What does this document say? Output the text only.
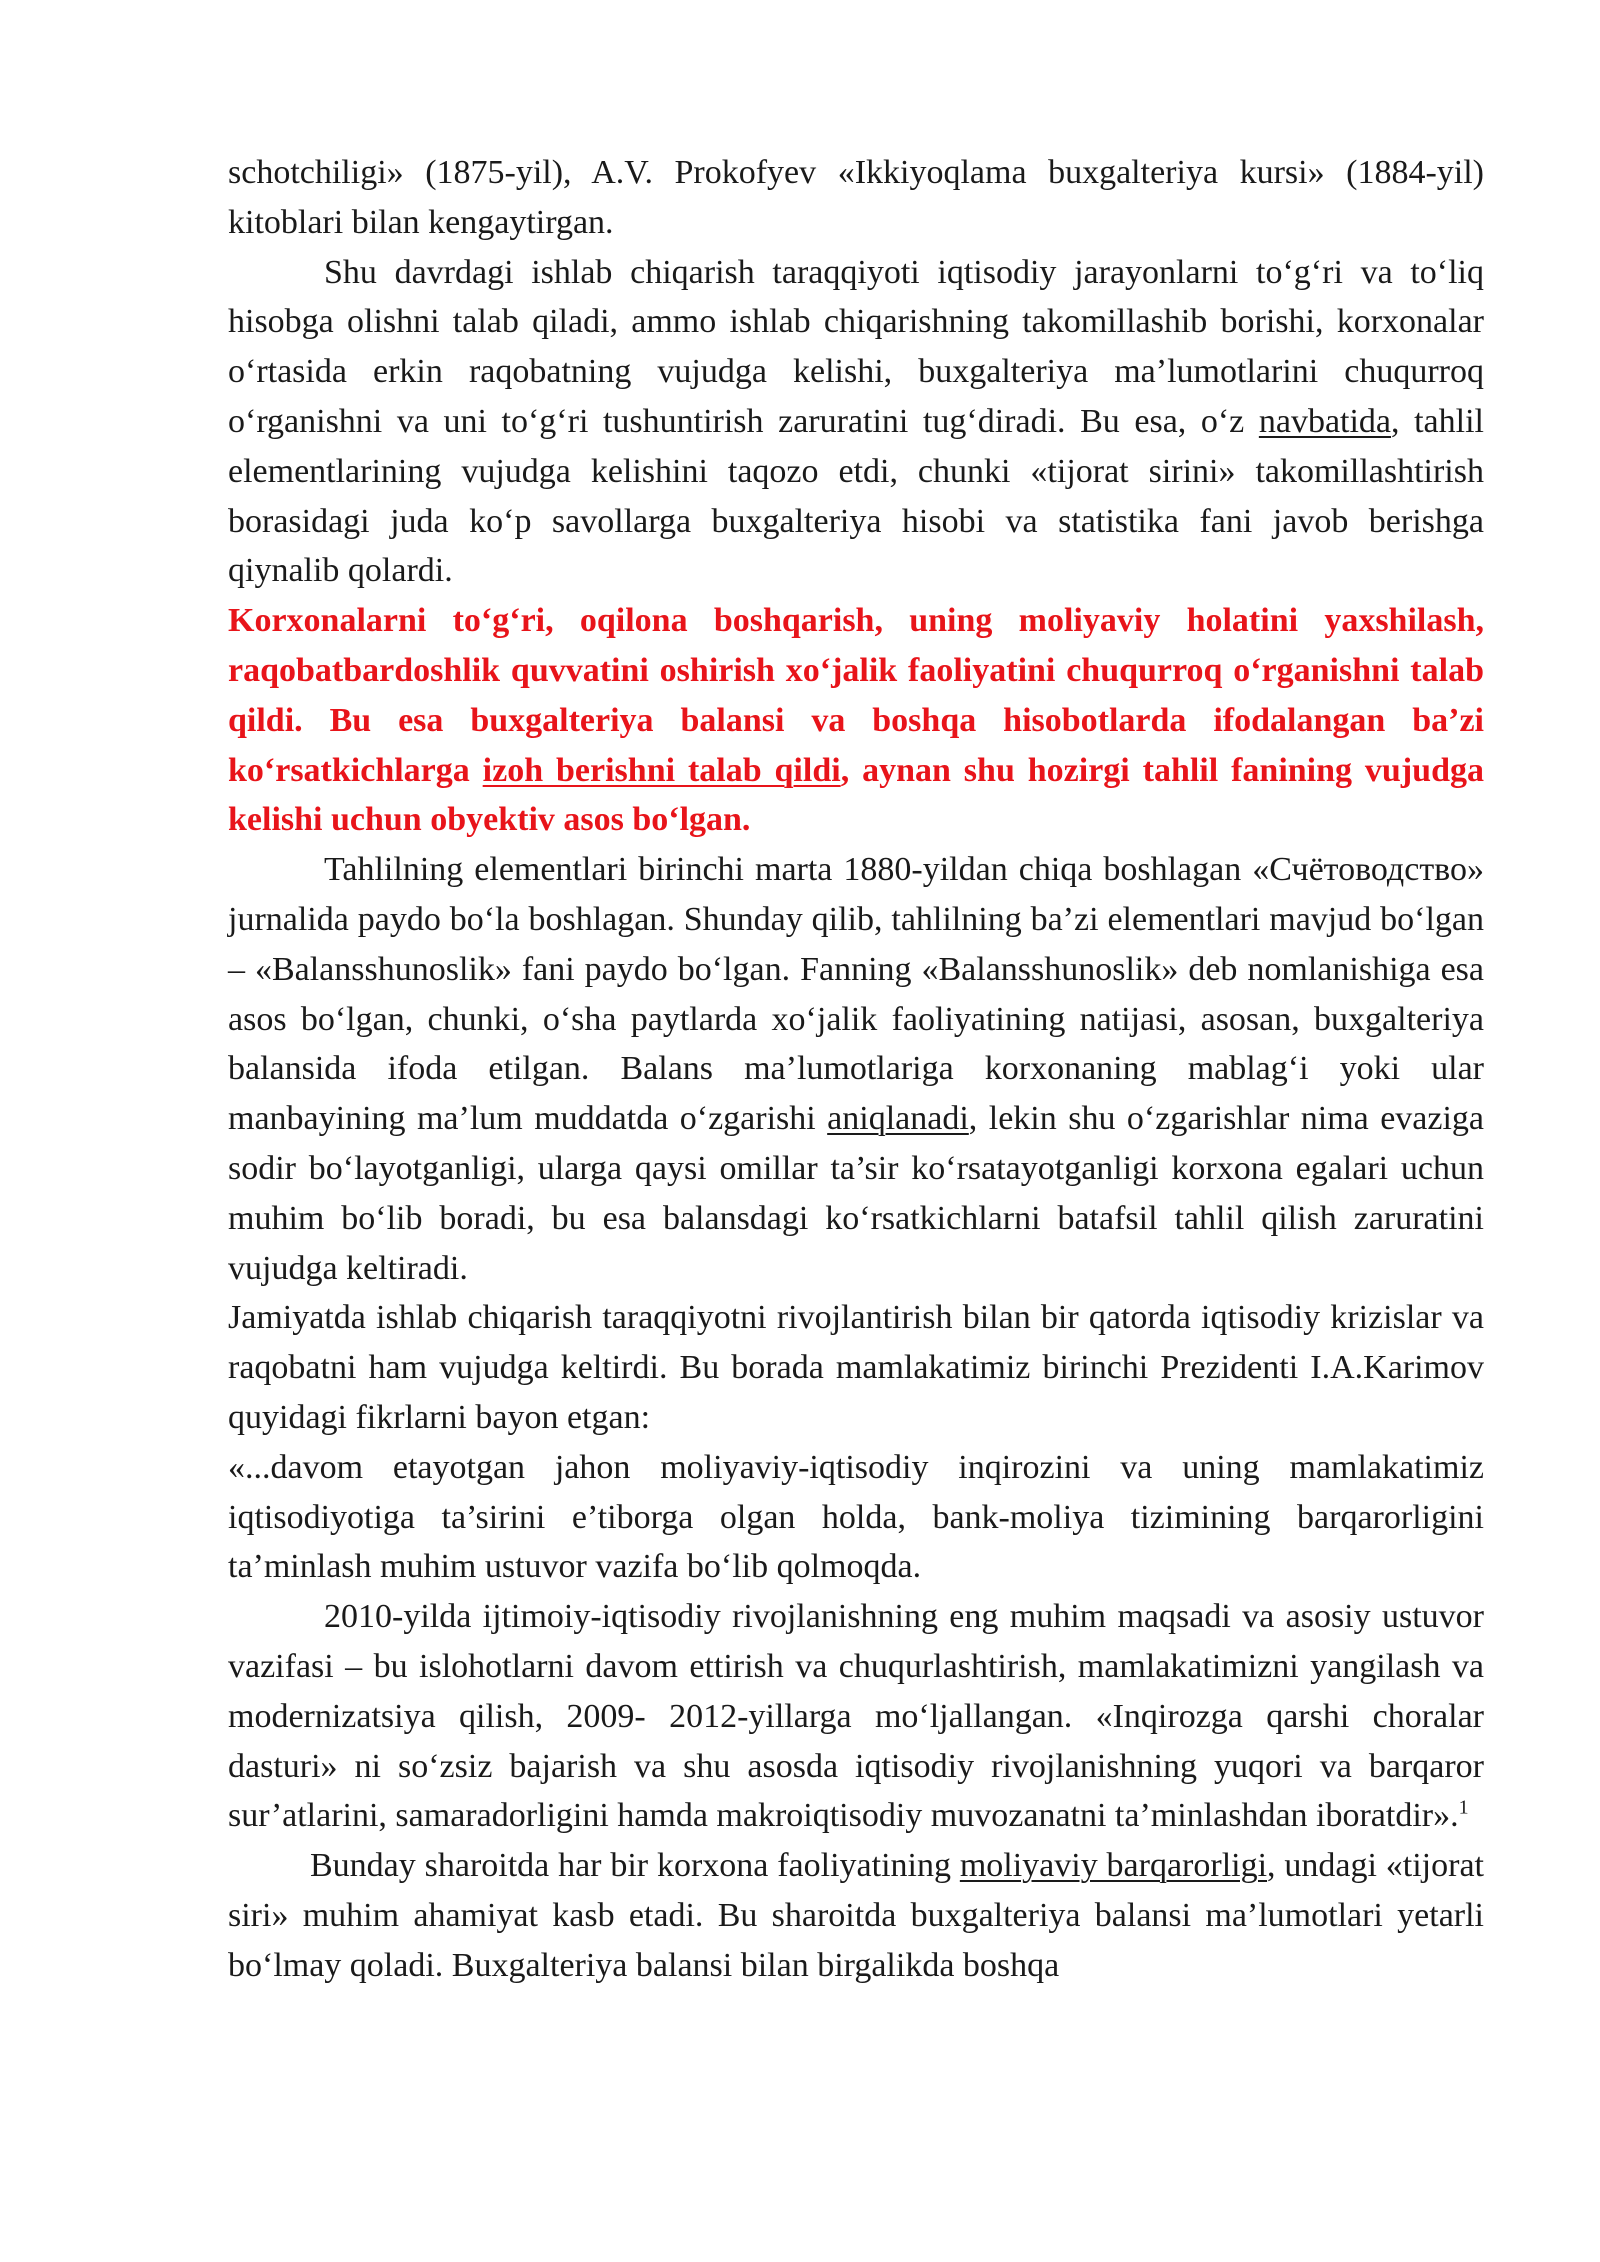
schotchiligi» (1875-yil), A.V. Prokofyev «Ikkiyoqlama buxgalteriya kursi» (1884-yil) kitoblari bilan kengaytirgan.

Shu davrdagi ishlab chiqarish taraqqiyoti iqtisodiy jarayonlarni to‘g‘ri va to‘liq hisobga olishni talab qiladi, ammo ishlab chiqarishning takomillashib borishi, korxonalar o‘rtasida erkin raqobatning vujudga kelishi, buxgalteriya ma’lumotlarini chuqurroq o‘rganishni va uni to‘g‘ri tushuntirish zaruratini tug‘diradi. Bu esa, o‘z navbatida, tahlil elementlarining vujudga kelishini taqozo etdi, chunki «tijorat sirini» takomillashtirish borasidagi juda ko‘p savollarga buxgalteriya hisobi va statistika fani javob berishga qiynalib qolardi.

Korxonalarni to‘g‘ri, oqilona boshqarish, uning moliyaviy holatini yaxshilash, raqobatbardoshlik quvvatini oshirish xo‘jalik faoliyatini chuqurroq o‘rganishni talab qildi. Bu esa buxgalteriya balansi va boshqa hisobotlarda ifodalangan ba’zi ko‘rsatkichlarga izoh berishni talab qildi, aynan shu hozirgi tahlil fanining vujudga kelishi uchun obyektiv asos bo‘lgan.

Tahlilning elementlari birinchi marta 1880-yildan chiqa boshlagan «Счётоводство» jurnalida paydo bo‘la boshlagan. Shunday qilib, tahlilning ba’zi elementlari mavjud bo‘lgan – «Balansshunoslik» fani paydo bo‘lgan. Fanning «Balansshunoslik» deb nomlanishiga esa asos bo‘lgan, chunki, o‘sha paytlarda xo‘jalik faoliyatining natijasi, asosan, buxgalteriya balansida ifoda etilgan. Balans ma’lumotlariga korxonaning mablag‘i yoki ular manbayining ma’lum muddatda o‘zgarishi aniqlanadi, lekin shu o‘zgarishlar nima evaziga sodir bo‘layotganligi, ularga qaysi omillar ta’sir ko‘rsatayotganligi korxona egalari uchun muhim bo‘lib boradi, bu esa balansdagi ko‘rsatkichlarni batafsil tahlil qilish zaruratini vujudga keltiradi.

Jamiyatda ishlab chiqarish taraqqiyotni rivojlantirish bilan bir qatorda iqtisodiy krizislar va raqobatni ham vujudga keltirdi. Bu borada mamlakatimiz birinchi Prezidenti I.A.Karimov quyidagi fikrlarni bayon etgan:

«...davom etayotgan jahon moliyaviy-iqtisodiy inqirozini va uning mamlakatimiz iqtisodiyotiga ta’sirini e’tiborga olgan holda, bank-moliya tizimining barqarorligini ta’minlash muhim ustuvor vazifa bo‘lib qolmoqda.

2010-yilda ijtimoiy-iqtisodiy rivojlanishning eng muhim maqsadi va asosiy ustuvor vazifasi – bu islohotlarni davom ettirish va chuqurlashtirish, mamlakatimizni yangilash va modernizatsiya qilish, 2009- 2012-yillarga mo‘ljallangan. «Inqirozga qarshi choralar dasturi» ni so‘zsiz bajarish va shu asosda iqtisodiy rivojlanishning yuqori va barqaror sur’atlarini, samaradorligini hamda makroiqtisodiy muvozanatni ta’minlashdan iboratdir».$^1$

Bunday sharoitda har bir korxona faoliyatining moliyaviy barqarorligi, undagi «tijorat siri» muhim ahamiyat kasb etadi. Bu sharoitda buxgalteriya balansi ma’lumotlari yetarli bo‘lmay qoladi. Buxgalteriya balansi bilan birgalikda boshqa
